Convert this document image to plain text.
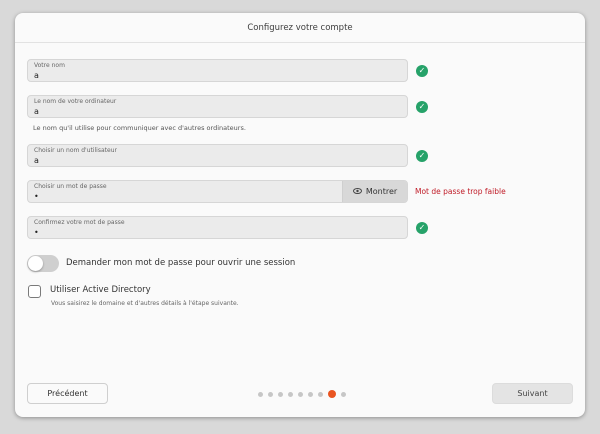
Configurez votre compte
Votre nom
a
✓
Le nom de votre ordinateur
a
✓
Le nom qu'il utilise pour communiquer avec d'autres ordinateurs.
Choisir un nom d'utilisateur
a
✓
Choisir un mot de passe
•
Montrer Mot de passe trop faible
Confirmez votre mot de passe
•
✓
Demander mon mot de passe pour ouvrir une session
Utiliser Active Directory
Vous saisirez le domaine et d'autres détails à l'étape suivante.
Précédent	Suivant
